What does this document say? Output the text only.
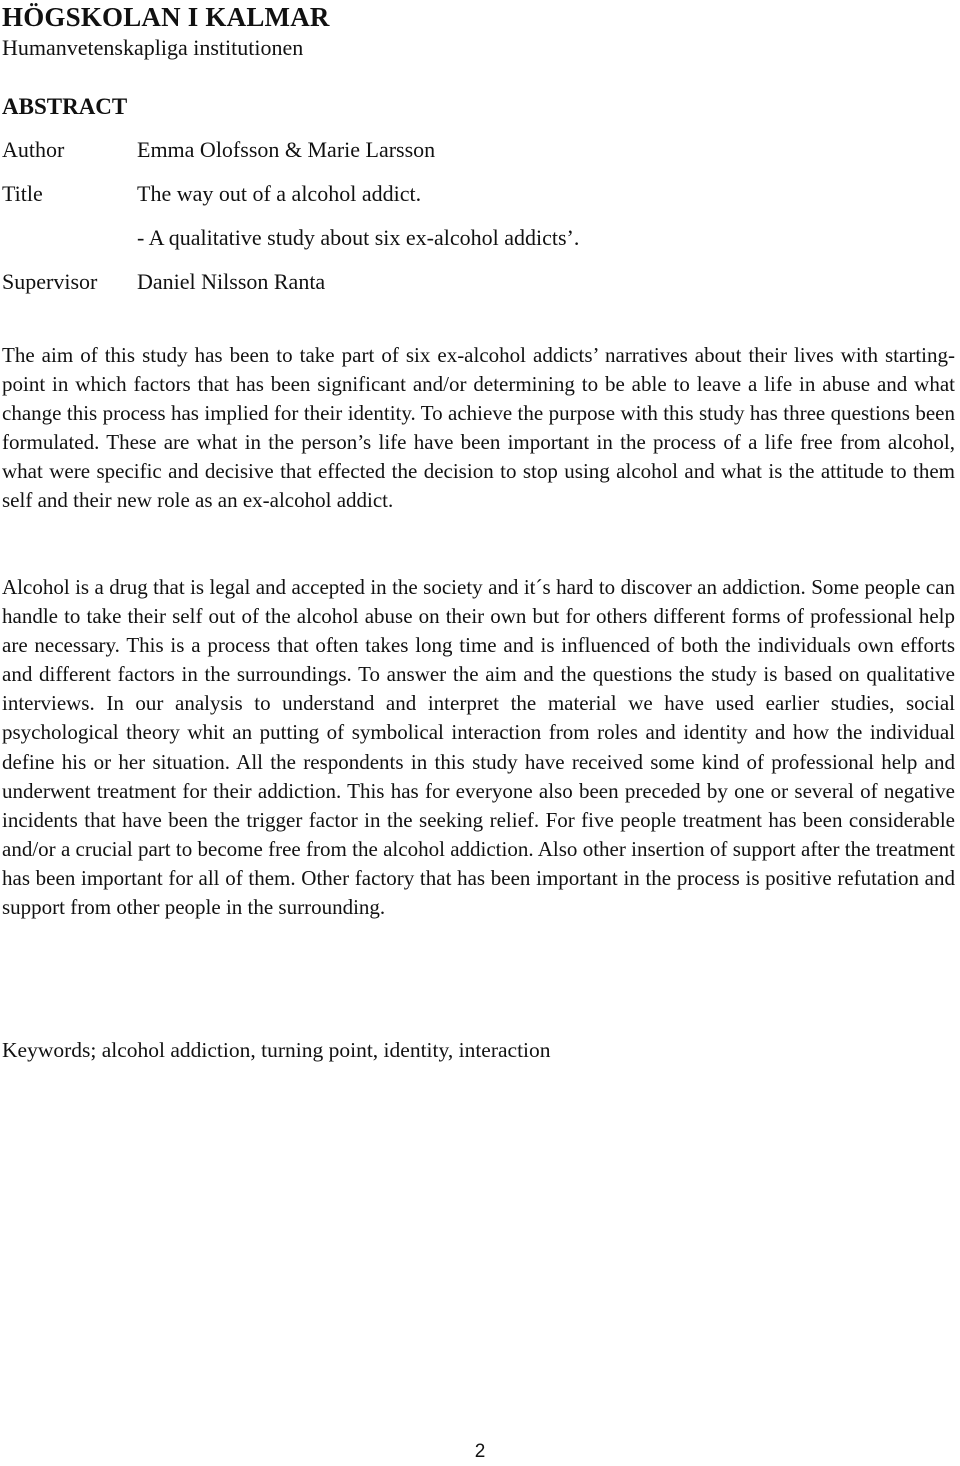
HÖGSKOLAN I KALMAR
Humanvetenskapliga institutionen
ABSTRACT
Author	Emma Olofsson & Marie Larsson
Title	The way out of a alcohol addict.
- A qualitative study about six ex-alcohol addicts’.
Supervisor Daniel Nilsson Ranta

The aim of this study has been to take part of six ex-alcohol addicts’ narratives about their lives with starting-point in which factors that has been significant and/or determining to be able to leave a life in abuse and what change this process has implied for their identity. To achieve the purpose with this study has three questions been formulated. These are what in the person’s life have been important in the process of a life free from alcohol, what were specific and decisive that effected the decision to stop using alcohol and what is the attitude to them self and their new role as an ex-alcohol addict.

Alcohol is a drug that is legal and accepted in the society and it´s hard to discover an addiction. Some people can handle to take their self out of the alcohol abuse on their own but for others different forms of professional help are necessary. This is a process that often takes long time and is influenced of both the individuals own efforts and different factors in the surroundings. To answer the aim and the questions the study is based on qualitative interviews. In our analysis to understand and interpret the material we have used earlier studies, social psychological theory whit an putting of symbolical interaction from roles and identity and how the individual define his or her situation. All the respondents in this study have received some kind of professional help and underwent treatment for their addiction. This has for everyone also been preceded by one or several of negative incidents that have been the trigger factor in the seeking relief. For five people treatment has been considerable and/or a crucial part to become free from the alcohol addiction. Also other insertion of support after the treatment has been important for all of them. Other factory that has been important in the process is positive refutation and support from other people in the surrounding.

Keywords; alcohol addiction, turning point, identity, interaction
2
